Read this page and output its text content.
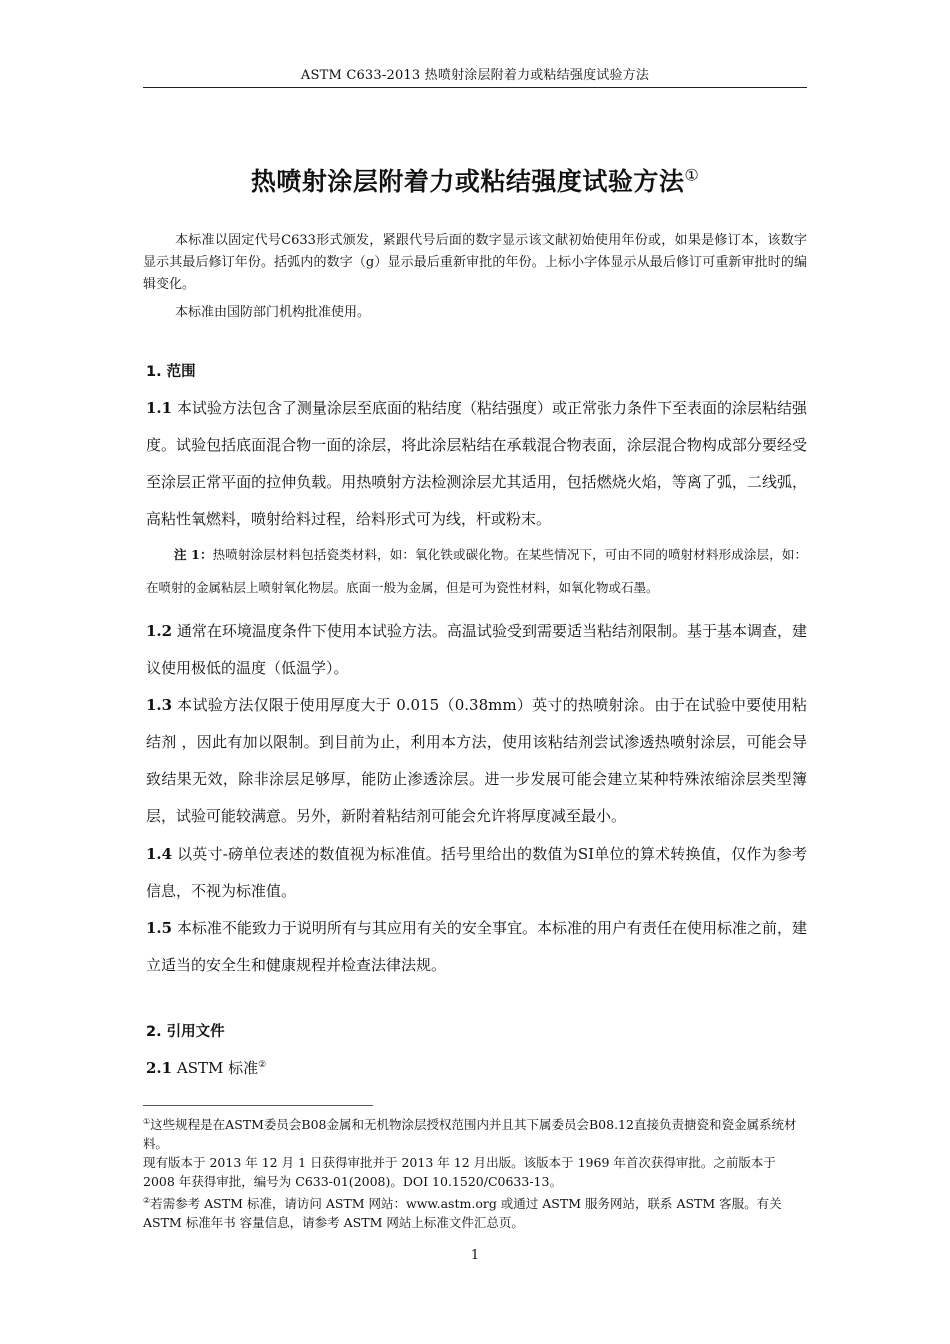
ASTM C633-2013 热喷射涂层附着力或粘结强度试验方法
热喷射涂层附着力或粘结强度试验方法①

本标准以固定代号C633形式颁发，紧跟代号后面的数字显示该文献初始使用年份或，如果是修订本，该数字显示其最后修订年份。括弧内的数字（g）显示最后重新审批的年份。上标小字体显示从最后修订可重新审批时的编辑变化。

本标准由国防部门机构批准使用。

1. 范围

1.1 本试验方法包含了测量涂层至底面的粘结度（粘结强度）或正常张力条件下至表面的涂层粘结强度。试验包括底面混合物一面的涂层，将此涂层粘结在承载混合物表面，涂层混合物构成部分要经受至涂层正常平面的拉伸负载。用热喷射方法检测涂层尤其适用，包括燃烧火焰，等离了弧，二线弧，高粘性氧燃料，喷射给料过程，给料形式可为线，杆或粉末。

注 1：热喷射涂层材料包括瓷类材料，如：氧化铁或碳化物。在某些情况下，可由不同的喷射材料形成涂层，如：在喷射的金属粘层上喷射氧化物层。底面一般为金属，但是可为瓷性材料，如氧化物或石墨。

1.2 通常在环境温度条件下使用本试验方法。高温试验受到需要适当粘结剂限制。基于基本调查，建议使用极低的温度（低温学）。

1.3 本试验方法仅限于使用厚度大于 0.015（0.38mm）英寸的热喷射涂。由于在试验中要使用粘结剂 ，因此有加以限制。到目前为止，利用本方法，使用该粘结剂尝试渗透热喷射涂层，可能会导致结果无效，除非涂层足够厚，能防止渗透涂层。进一步发展可能会建立某种特殊浓缩涂层类型簿层，试验可能较满意。另外，新附着粘结剂可能会允许将厚度减至最小。

1.4 以英寸-磅单位表述的数值视为标准值。括号里给出的数值为SI单位的算术转换值，仅作为参考信息，不视为标准值。

1.5 本标准不能致力于说明所有与其应用有关的安全事宜。本标准的用户有责任在使用标准之前，建立适当的安全生和健康规程并检查法律法规。

2. 引用文件

2.1 ASTM 标准②

①这些规程是在ASTM委员会B08金属和无机物涂层授权范围内并且其下属委员会B08.12直接负责搪瓷和瓷金属系统材料。

现有版本于 2013 年 12 月 1 日获得审批并于 2013 年 12 月出版。该版本于 1969 年首次获得审批。之前版本于 2008 年获得审批，编号为 C633-01(2008)。DOI 10.1520/C0633-13。

②若需参考 ASTM 标准，请访问 ASTM 网站：www.astm.org 或通过 ASTM 服务网站，联系 ASTM 客服。有关 ASTM 标准年书 容量信息，请参考 ASTM 网站上标准文件汇总页。

1
